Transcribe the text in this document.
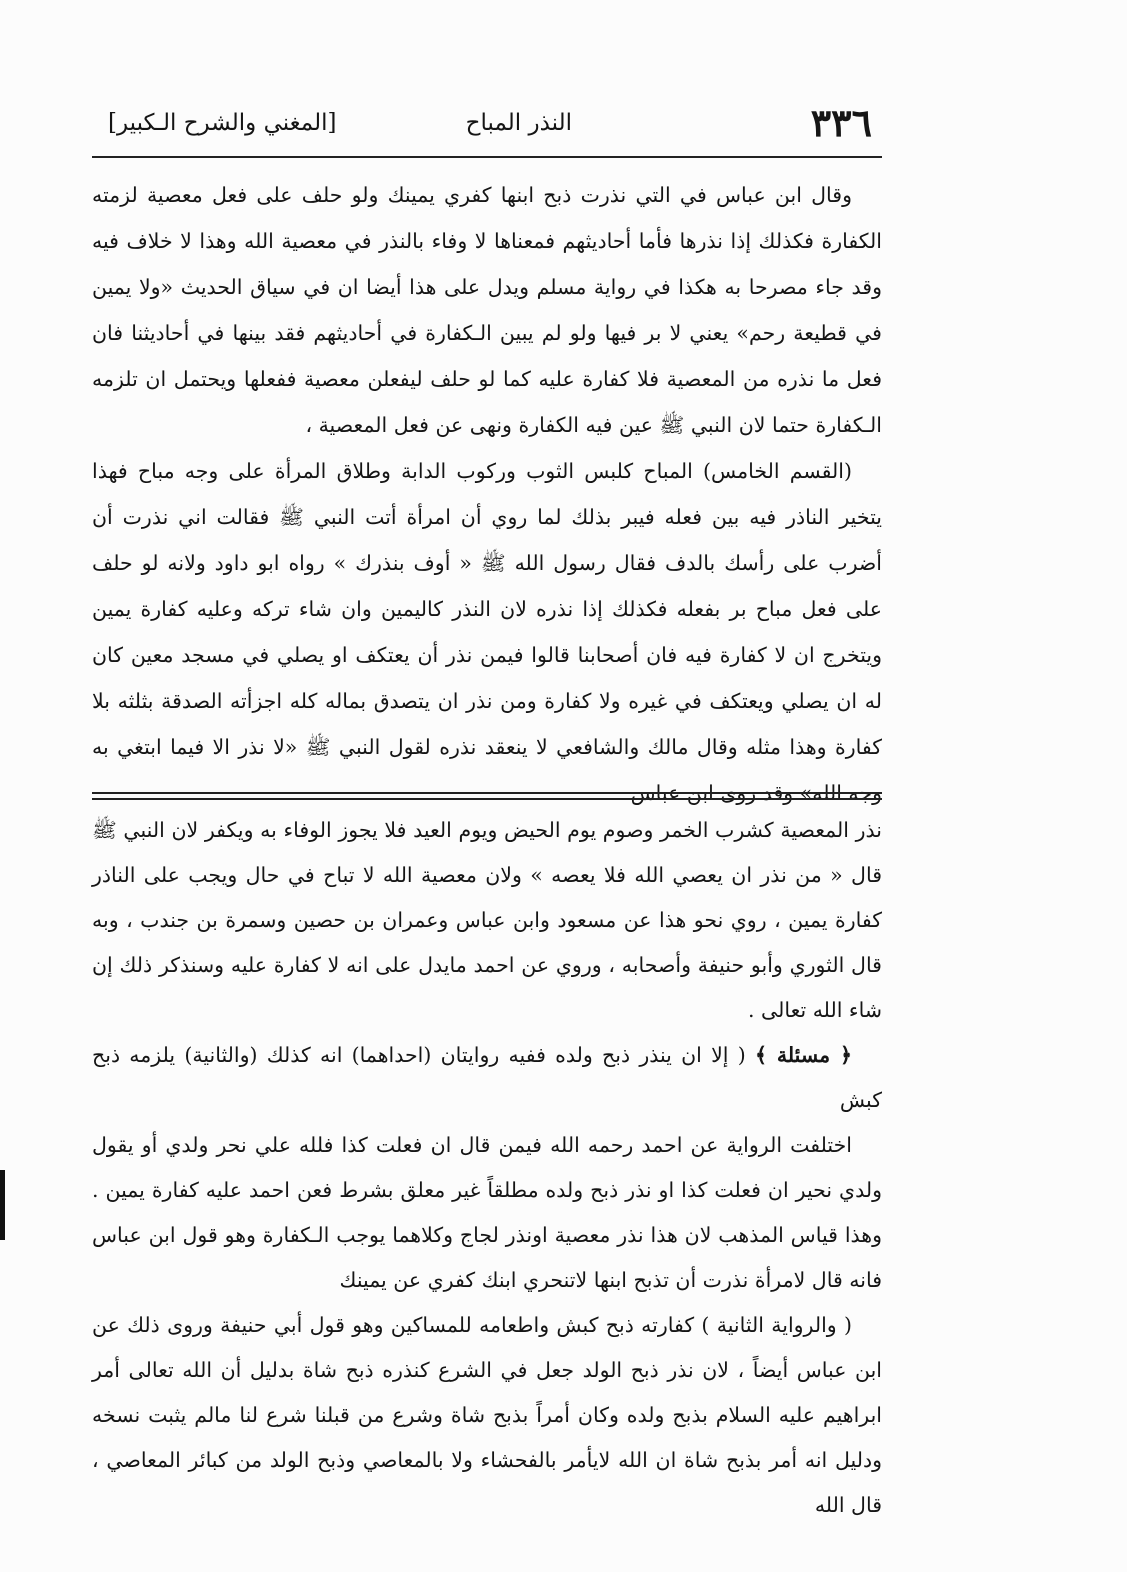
٣٣٦
النذر المباح
[المغني والشرح الـكبير]

وقال ابن عباس في التي نذرت ذبح ابنها كفري يمينك ولو حلف على فعل معصية لزمته الكفارة فكذلك إذا نذرها فأما أحاديثهم فمعناها لا وفاء بالنذر في معصية الله وهذا لا خلاف فيه وقد جاء مصرحا به هكذا في رواية مسلم ويدل على هذا أيضا ان في سياق الحديث «ولا يمين في قطيعة رحم» يعني لا بر فيها ولو لم يبين الـكفارة في أحاديثهم فقد بينها في أحاديثنا فان فعل ما نذره من المعصية فلا كفارة عليه كما لو حلف ليفعلن معصية ففعلها ويحتمل ان تلزمه الـكفارة حتما لان النبي ﷺ عين فيه الكفارة ونهى عن فعل المعصية ،

(القسم الخامس) المباح كلبس الثوب وركوب الدابة وطلاق المرأة على وجه مباح فهذا يتخير الناذر فيه بين فعله فيبر بذلك لما روي أن امرأة أتت النبي ﷺ فقالت اني نذرت أن أضرب على رأسك بالدف فقال رسول الله ﷺ « أوف بنذرك » رواه ابو داود ولانه لو حلف على فعل مباح بر بفعله فكذلك إذا نذره لان النذر كاليمين وان شاء تركه وعليه كفارة يمين ويتخرج ان لا كفارة فيه فان أصحابنا قالوا فيمن نذر أن يعتكف او يصلي في مسجد معين كان له ان يصلي ويعتكف في غيره ولا كفارة ومن نذر ان يتصدق بماله كله اجزأته الصدقة بثلثه بلا كفارة وهذا مثله وقال مالك والشافعي لا ينعقد نذره لقول النبي ﷺ «لا نذر الا فيما ابتغي به وجه الله» وقد روى ابن عباس

نذر المعصية كشرب الخمر وصوم يوم الحيض ويوم العيد فلا يجوز الوفاء به ويكفر لان النبي ﷺ قال « من نذر ان يعصي الله فلا يعصه » ولان معصية الله لا تباح في حال ويجب على الناذر كفارة يمين ، روي نحو هذا عن مسعود وابن عباس وعمران بن حصين وسمرة بن جندب ، وبه قال الثوري وأبو حنيفة وأصحابه ، وروي عن احمد مايدل على انه لا كفارة عليه وسنذكر ذلك إن شاء الله تعالى .

﴿ مسئلة ﴾ ( إلا ان ينذر ذبح ولده ففيه روايتان (احداهما) انه كذلك (والثانية) يلزمه ذبح كبش

اختلفت الرواية عن احمد رحمه الله فيمن قال ان فعلت كذا فلله علي نحر ولدي أو يقول ولدي نحير ان فعلت كذا او نذر ذبح ولده مطلقاً غير معلق بشرط فعن احمد عليه كفارة يمين . وهذا قياس المذهب لان هذا نذر معصية اونذر لجاج وكلاهما يوجب الـكفارة وهو قول ابن عباس فانه قال لامرأة نذرت أن تذبح ابنها لاتنحري ابنك كفري عن يمينك

( والرواية الثانية ) كفارته ذبح كبش واطعامه للمساكين وهو قول أبي حنيفة وروى ذلك عن ابن عباس أيضاً ، لان نذر ذبح الولد جعل في الشرع كنذره ذبح شاة بدليل أن الله تعالى أمر ابراهيم عليه السلام بذبح ولده وكان أمراً بذبح شاة وشرع من قبلنا شرع لنا مالم يثبت نسخه ودليل انه أمر بذبح شاة ان الله لايأمر بالفحشاء ولا بالمعاصي وذبح الولد من كبائر المعاصي ، قال الله
